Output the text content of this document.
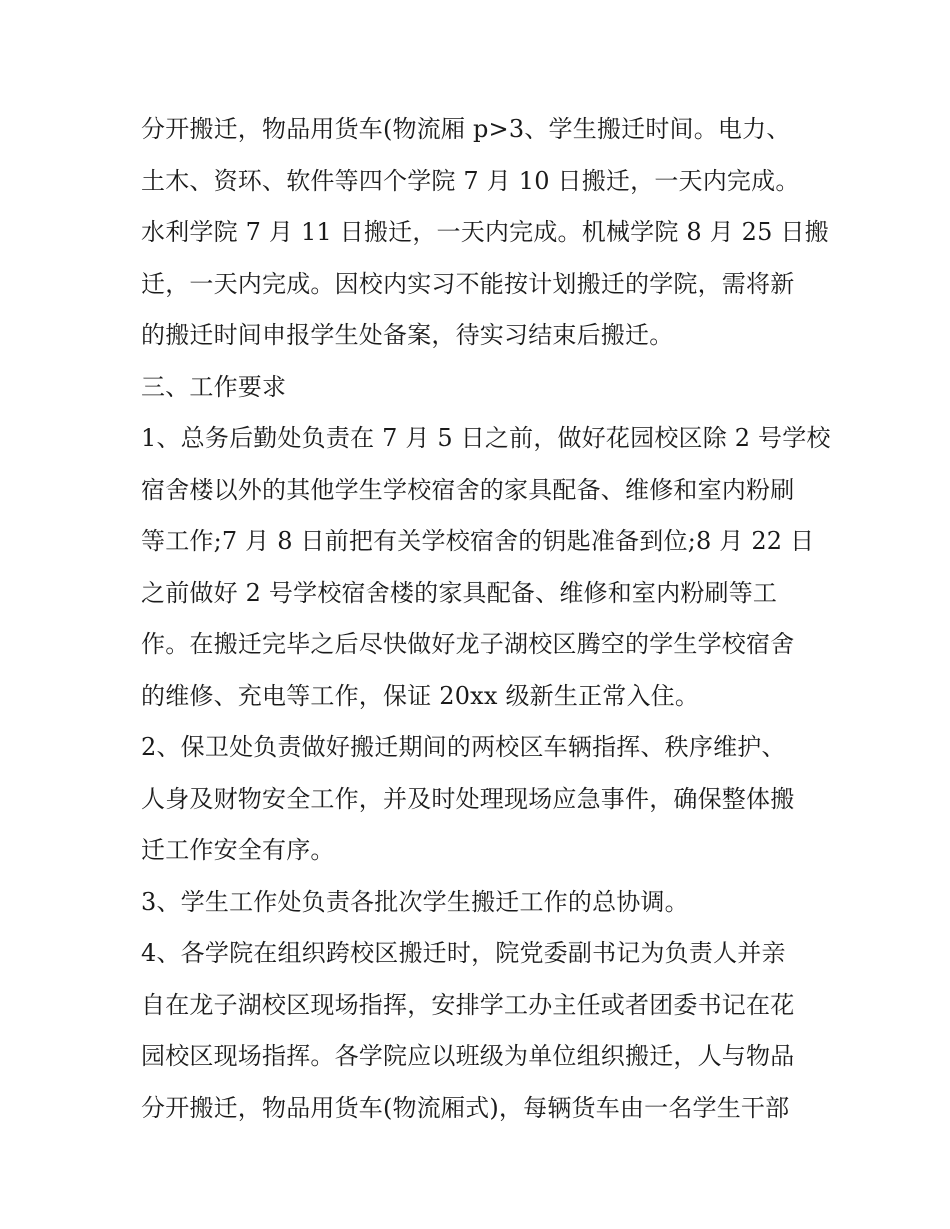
分开搬迁，物品用货车(物流厢 p>3、学生搬迁时间。电力、
土木、资环、软件等四个学院 7 月 10 日搬迁，一天内完成。
水利学院 7 月 11 日搬迁，一天内完成。机械学院 8 月 25 日搬
迁，一天内完成。因校内实习不能按计划搬迁的学院，需将新
的搬迁时间申报学生处备案，待实习结束后搬迁。
三、工作要求
1、总务后勤处负责在 7 月 5 日之前，做好花园校区除 2 号学校
宿舍楼以外的其他学生学校宿舍的家具配备、维修和室内粉刷
等工作;7 月 8 日前把有关学校宿舍的钥匙准备到位;8 月 22 日
之前做好 2 号学校宿舍楼的家具配备、维修和室内粉刷等工
作。在搬迁完毕之后尽快做好龙子湖校区腾空的学生学校宿舍
的维修、充电等工作，保证 20xx 级新生正常入住。
2、保卫处负责做好搬迁期间的两校区车辆指挥、秩序维护、
人身及财物安全工作，并及时处理现场应急事件，确保整体搬
迁工作安全有序。
3、学生工作处负责各批次学生搬迁工作的总协调。
4、各学院在组织跨校区搬迁时，院党委副书记为负责人并亲
自在龙子湖校区现场指挥，安排学工办主任或者团委书记在花
园校区现场指挥。各学院应以班级为单位组织搬迁，人与物品
分开搬迁，物品用货车(物流厢式)，每辆货车由一名学生干部
